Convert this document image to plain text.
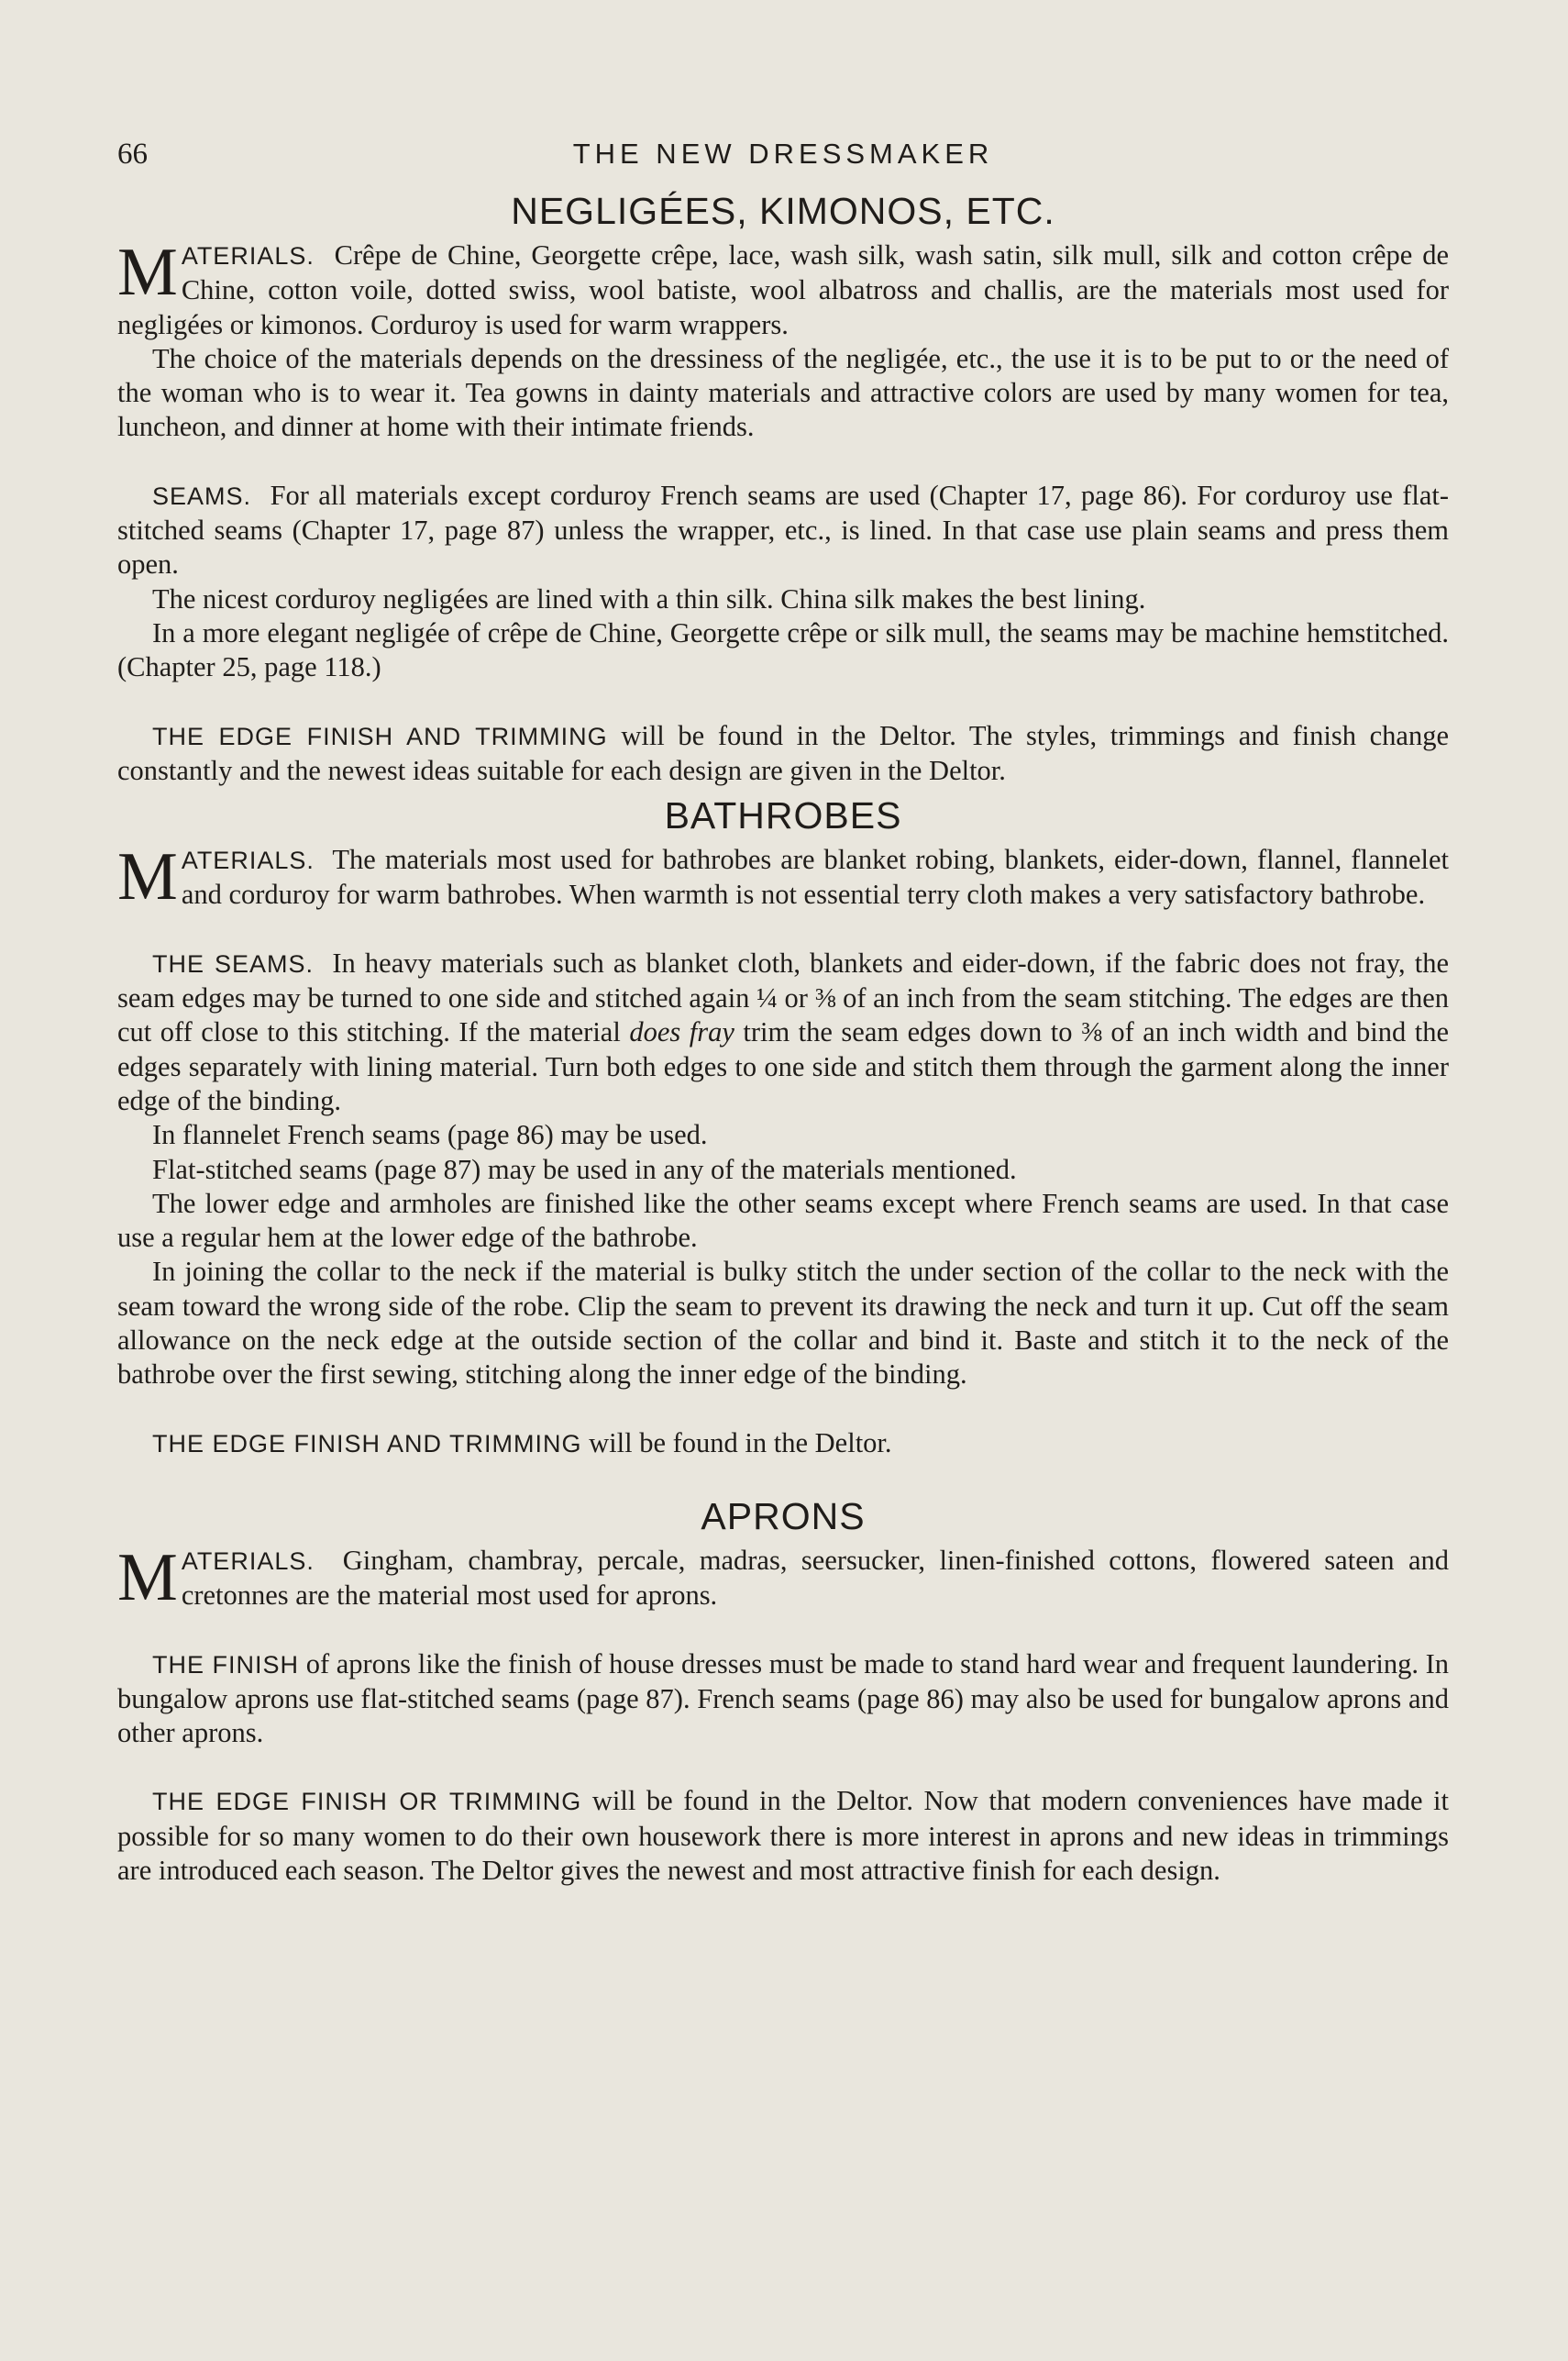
66	THE NEW DRESSMAKER
NEGLIGÉES, KIMONOS, ETC.

MATERIALS. Crêpe de Chine, Georgette crêpe, lace, wash silk, wash satin, silk mull, silk and cotton crêpe de Chine, cotton voile, dotted swiss, wool batiste, wool albatross and challis, are the materials most used for negligées or kimonos. Corduroy is used for warm wrappers.

The choice of the materials depends on the dressiness of the negligée, etc., the use it is to be put to or the need of the woman who is to wear it. Tea gowns in dainty materials and attractive colors are used by many women for tea, luncheon, and dinner at home with their intimate friends.

SEAMS. For all materials except corduroy French seams are used (Chapter 17, page 86). For corduroy use flat-stitched seams (Chapter 17, page 87) unless the wrapper, etc., is lined. In that case use plain seams and press them open.

The nicest corduroy negligées are lined with a thin silk. China silk makes the best lining.

In a more elegant negligée of crêpe de Chine, Georgette crêpe or silk mull, the seams may be machine hemstitched. (Chapter 25, page 118.)

THE EDGE FINISH AND TRIMMING will be found in the Deltor. The styles, trimmings and finish change constantly and the newest ideas suitable for each design are given in the Deltor.

BATHROBES

MATERIALS. The materials most used for bathrobes are blanket robing, blankets, eider-down, flannel, flannelet and corduroy for warm bathrobes. When warmth is not essential terry cloth makes a very satisfactory bathrobe.

THE SEAMS. In heavy materials such as blanket cloth, blankets and eider-down, if the fabric does not fray, the seam edges may be turned to one side and stitched again ¼ or ⅜ of an inch from the seam stitching. The edges are then cut off close to this stitching. If the material does fray trim the seam edges down to ⅜ of an inch width and bind the edges separately with lining material. Turn both edges to one side and stitch them through the garment along the inner edge of the binding.

In flannelet French seams (page 86) may be used.

Flat-stitched seams (page 87) may be used in any of the materials mentioned.

The lower edge and armholes are finished like the other seams except where French seams are used. In that case use a regular hem at the lower edge of the bathrobe.

In joining the collar to the neck if the material is bulky stitch the under section of the collar to the neck with the seam toward the wrong side of the robe. Clip the seam to prevent its drawing the neck and turn it up. Cut off the seam allowance on the neck edge at the outside section of the collar and bind it. Baste and stitch it to the neck of the bathrobe over the first sewing, stitching along the inner edge of the binding.

THE EDGE FINISH AND TRIMMING will be found in the Deltor.

APRONS

MATERIALS. Gingham, chambray, percale, madras, seersucker, linen-finished cottons, flowered sateen and cretonnes are the material most used for aprons.

THE FINISH of aprons like the finish of house dresses must be made to stand hard wear and frequent laundering. In bungalow aprons use flat-stitched seams (page 87). French seams (page 86) may also be used for bungalow aprons and other aprons.

THE EDGE FINISH OR TRIMMING will be found in the Deltor. Now that modern conveniences have made it possible for so many women to do their own housework there is more interest in aprons and new ideas in trimmings are introduced each season. The Deltor gives the newest and most attractive finish for each design.
